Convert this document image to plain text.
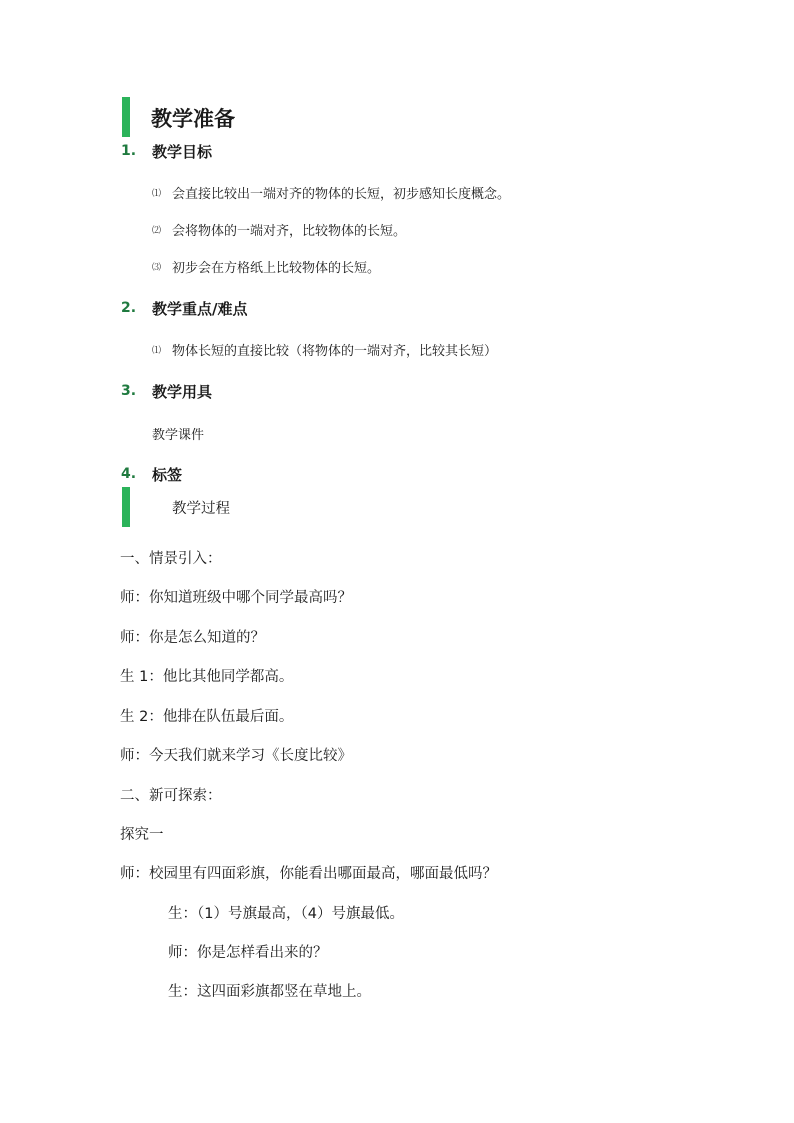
教学准备
1. 教学目标
⑴ 会直接比较出一端对齐的物体的长短，初步感知长度概念。
⑵ 会将物体的一端对齐，比较物体的长短。
⑶ 初步会在方格纸上比较物体的长短。
2. 教学重点/难点
⑴ 物体长短的直接比较（将物体的一端对齐，比较其长短）
3. 教学用具
教学课件
4. 标签
教学过程
一、情景引入：
师：你知道班级中哪个同学最高吗？
师：你是怎么知道的？
生 1：他比其他同学都高。
生 2：他排在队伍最后面。
师：今天我们就来学习《长度比较》
二、新可探索：
探究一
师：校园里有四面彩旗，你能看出哪面最高，哪面最低吗？
生：（1）号旗最高，（4）号旗最低。
师：你是怎样看出来的？
生：这四面彩旗都竖在草地上。
